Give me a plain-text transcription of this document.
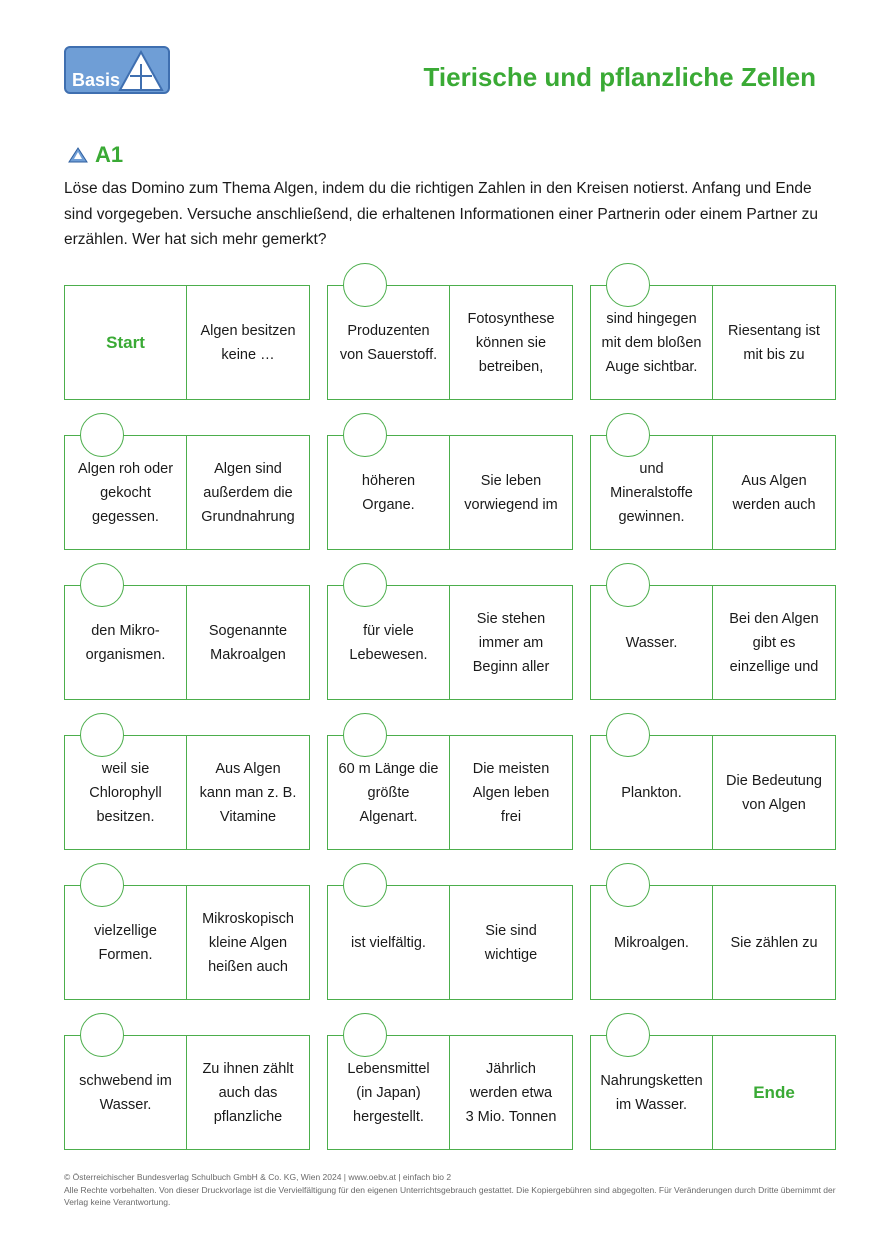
Basis	Tierische und pflanzliche Zellen
A1
Löse das Domino zum Thema Algen, indem du die richtigen Zahlen in den Kreisen notierst. Anfang und Ende sind vorgegeben. Versuche anschließend, die erhaltenen Informationen einer Partnerin oder einem Partner zu erzählen. Wer hat sich mehr gemerkt?
Start
Algen besitzen
keine …
Produzenten
von Sauerstoff.
Fotosynthese
können sie
betreiben,
sind hingegen
mit dem bloßen
Auge sichtbar.
Riesentang ist
mit bis zu
Algen roh oder
gekocht
gegessen.
Algen sind
außerdem die
Grundnahrung
höheren
Organe.
Sie leben
vorwiegend im
und
Mineralstoffe
gewinnen.
Aus Algen
werden auch
den Mikro-
organismen.
Sogenannte
Makroalgen
für viele
Lebewesen.
Sie stehen
immer am
Beginn aller
Wasser.
Bei den Algen
gibt es
einzellige und
weil sie
Chlorophyll
besitzen.
Aus Algen
kann man z. B.
Vitamine
60 m Länge die
größte
Algenart.
Die meisten
Algen leben
frei
Plankton.
Die Bedeutung
von Algen
vielzellige
Formen.
Mikroskopisch
kleine Algen
heißen auch
ist vielfältig.
Sie sind
wichtige
Mikroalgen.	Sie zählen zu
schwebend im
Wasser.
Zu ihnen zählt
auch das
pflanzliche
Lebensmittel
(in Japan)
hergestellt.
Jährlich
werden etwa
3 Mio. Tonnen
Nahrungsketten
im Wasser.
Ende
© Österreichischer Bundesverlag Schulbuch GmbH & Co. KG, Wien 2024 | www.oebv.at | einfach bio 2
Alle Rechte vorbehalten. Von dieser Druckvorlage ist die Vervielfältigung für den eigenen Unterrichtsgebrauch gestattet. Die Kopiergebühren sind abgegolten. Für Veränderungen durch Dritte übernimmt der Verlag keine Verantwortung.
